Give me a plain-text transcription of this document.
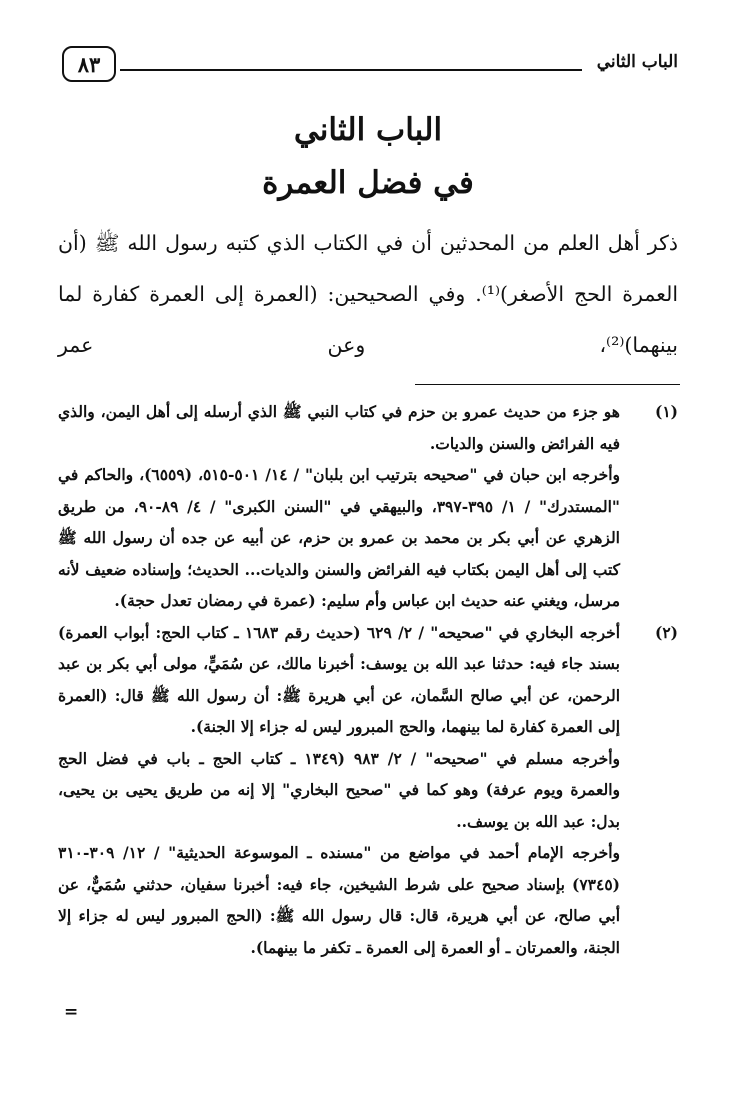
الباب الثاني
٨٣
الباب الثاني
في فضل العمرة

ذكر أهل العلم من المحدثين أن في الكتاب الذي كتبه رسول الله ﷺ (أن العمرة الحج الأصغر)⁽¹⁾. وفي الصحيحين: (العمرة إلى العمرة كفارة لما بينهما)⁽²⁾، وعن عمر

(١)

هو جزء من حديث عمرو بن حزم في كتاب النبي ﷺ الذي أرسله إلى أهل اليمن، والذي فيه الفرائض والسنن والديات.

وأخرجه ابن حبان في "صحيحه بترتيب ابن بلبان" / ١٤/ ٥٠١-٥١٥، (٦٥٥٩)، والحاكم في "المستدرك" / ١/ ٣٩٥-٣٩٧، والبيهقي في "السنن الكبرى" / ٤/ ٨٩-٩٠، من طريق الزهري عن أبي بكر بن محمد بن عمرو بن حزم، عن أبيه عن جده أن رسول الله ﷺ كتب إلى أهل اليمن بكتاب فيه الفرائض والسنن والديات... الحديث؛ وإسناده ضعيف لأنه مرسل، ويغني عنه حديث ابن عباس وأم سليم: (عمرة في رمضان تعدل حجة).

(٢)

أخرجه البخاري في "صحيحه" / ٢/ ٦٢٩ (حديث رقم ١٦٨٣ ـ كتاب الحج: أبواب العمرة) بسند جاء فيه: حدثنا عبد الله بن يوسف: أخبرنا مالك، عن سُمَيٍّ، مولى أبي بكر بن عبد الرحمن، عن أبي صالح السَّمان، عن أبي هريرة ﷺ: أن رسول الله ﷺ قال: (العمرة إلى العمرة كفارة لما بينهما، والحج المبرور ليس له جزاء إلا الجنة).

وأخرجه مسلم في "صحيحه" / ٢/ ٩٨٣ (١٣٤٩ ـ كتاب الحج ـ باب في فضل الحج والعمرة ويوم عرفة) وهو كما في "صحيح البخاري" إلا إنه من طريق يحيى بن يحيى، بدل: عبد الله بن يوسف..

وأخرجه الإمام أحمد في مواضع من "مسنده ـ الموسوعة الحديثية" / ١٢/ ٣٠٩-٣١٠ (٧٣٤٥) بإسناد صحيح على شرط الشيخين، جاء فيه: أخبرنا سفيان، حدثني سُمَيٌّ، عن أبي صالح، عن أبي هريرة، قال: قال رسول الله ﷺ: (الحج المبرور ليس له جزاء إلا الجنة، والعمرتان ـ أو العمرة إلى العمرة ـ تكفر ما بينهما).

=
